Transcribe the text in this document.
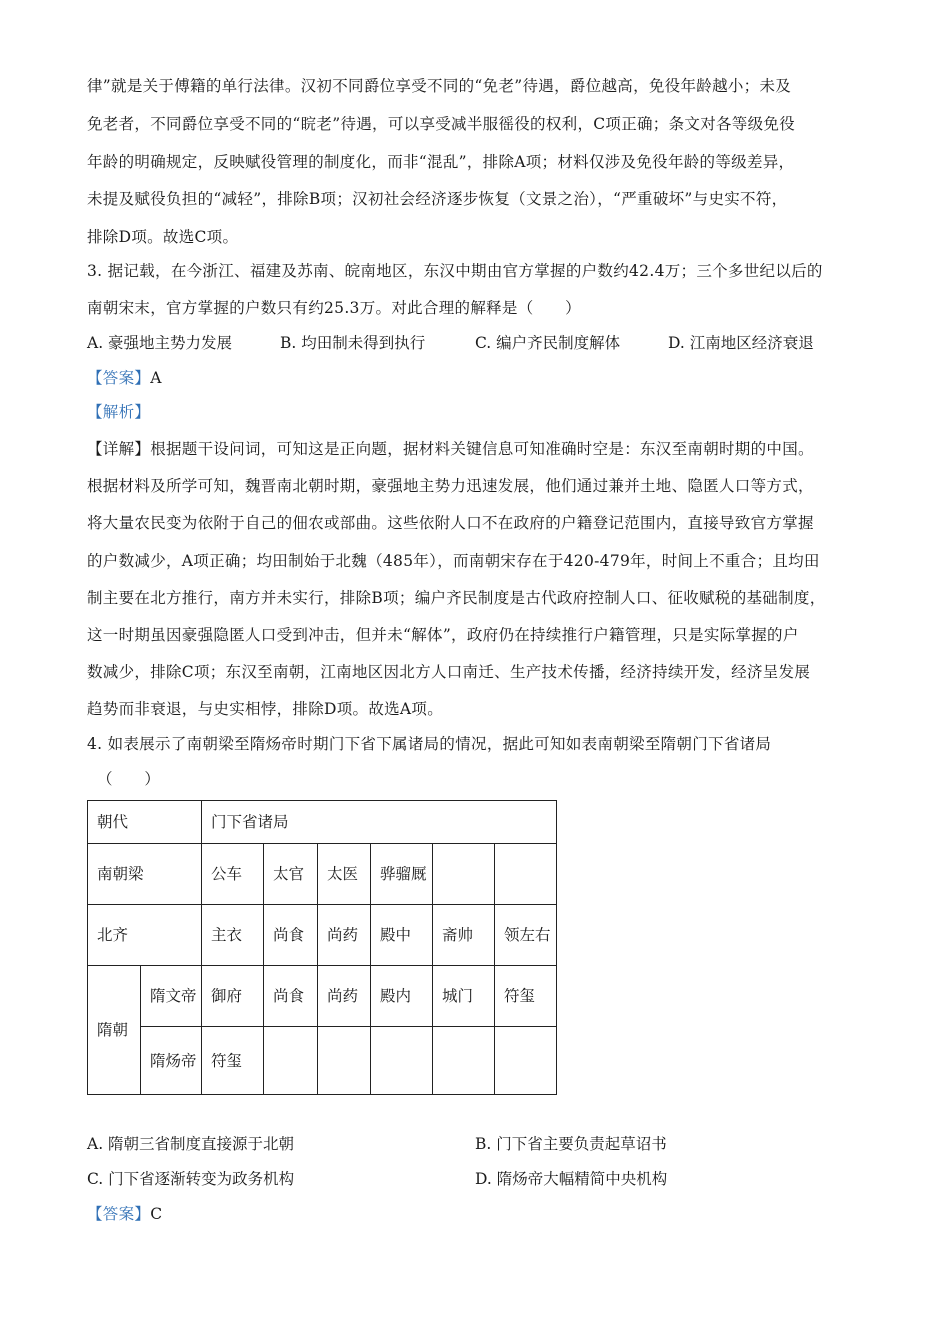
律”就是关于傅籍的单行法律。汉初不同爵位享受不同的“免老”待遇，爵位越高，免役年龄越小；未及
免老者，不同爵位享受不同的“睆老”待遇，可以享受减半服徭役的权利，C项正确；条文对各等级免役
年龄的明确规定，反映赋役管理的制度化，而非“混乱”，排除A项；材料仅涉及免役年龄的等级差异，
未提及赋役负担的“减轻”，排除B项；汉初社会经济逐步恢复（文景之治），“严重破坏”与史实不符，
排除D项。故选C项。
3. 据记载，在今浙江、福建及苏南、皖南地区，东汉中期由官方掌握的户数约42.4万；三个多世纪以后的
南朝宋末，官方掌握的户数只有约25.3万。对此合理的解释是（　　）
A. 豪强地主势力发展	B. 均田制未得到执行	C. 编户齐民制度解体	D. 江南地区经济衰退
【答案】A
【解析】
【详解】根据题干设问词，可知这是正向题，据材料关键信息可知准确时空是：东汉至南朝时期的中国。
根据材料及所学可知，魏晋南北朝时期，豪强地主势力迅速发展，他们通过兼并土地、隐匿人口等方式，
将大量农民变为依附于自己的佃农或部曲。这些依附人口不在政府的户籍登记范围内，直接导致官方掌握
的户数减少，A项正确；均田制始于北魏（485年），而南朝宋存在于420-479年，时间上不重合；且均田
制主要在北方推行，南方并未实行，排除B项；编户齐民制度是古代政府控制人口、征收赋税的基础制度，
这一时期虽因豪强隐匿人口受到冲击，但并未“解体”，政府仍在持续推行户籍管理，只是实际掌握的户
数减少，排除C项；东汉至南朝，江南地区因北方人口南迁、生产技术传播，经济持续开发，经济呈发展
趋势而非衰退，与史实相悖，排除D项。故选A项。
4. 如表展示了南朝梁至隋炀帝时期门下省下属诸局的情况，据此可知如表南朝梁至隋朝门下省诸局
（　　）
朝代		门下省诸局					
南朝梁		公车	太官	太医	骅骝厩		
北齐		主衣	尚食	尚药	殿中	斋帅	领左右
隋朝	隋文帝	御府	尚食	尚药	殿内	城门	符玺
	隋炀帝	符玺					
A. 隋朝三省制度直接源于北朝	B. 门下省主要负责起草诏书
C. 门下省逐渐转变为政务机构	D. 隋炀帝大幅精简中央机构
【答案】C
